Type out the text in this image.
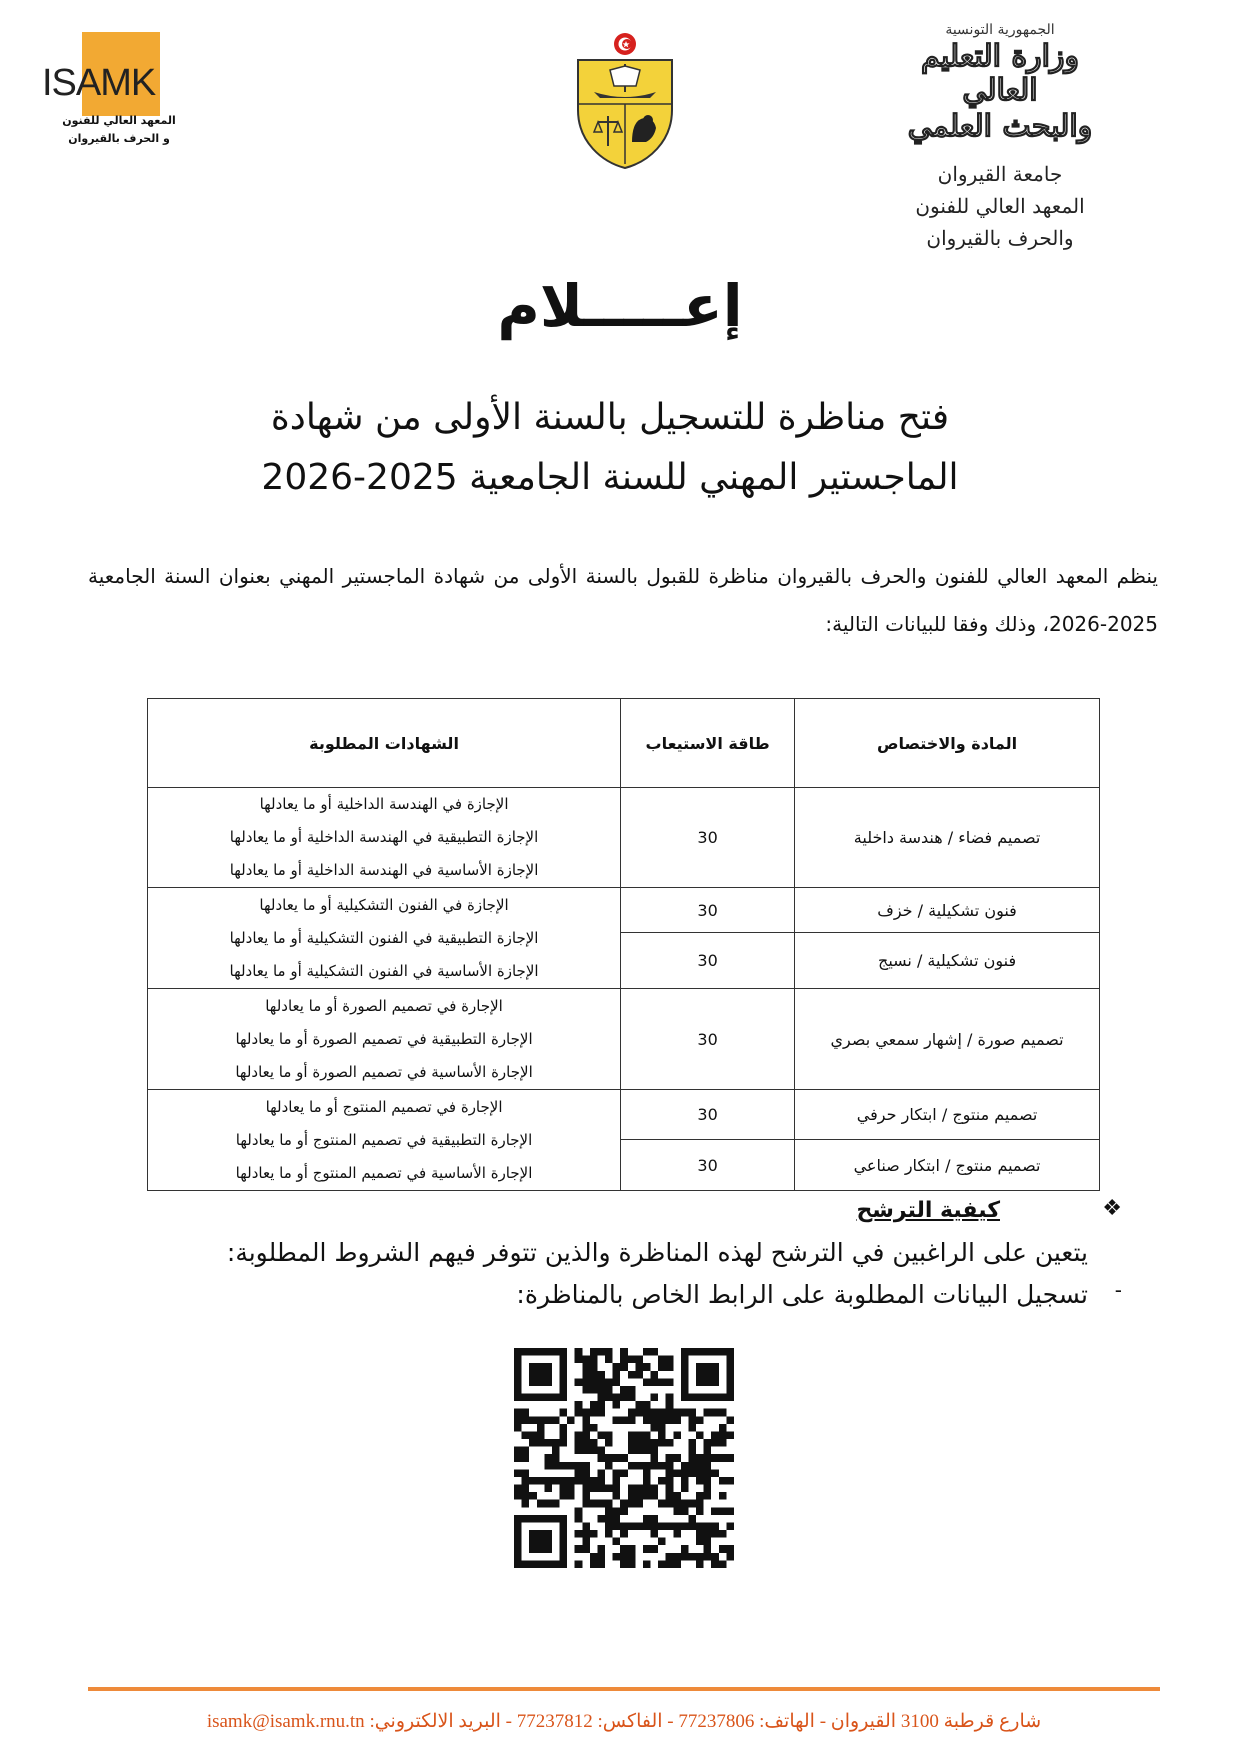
ISAMK
المعهد العالي للفنون
و الحرف بالقيروان
الجمهورية التونسية
وزارة التعليم العالي
والبحث العلمي
جامعة القيروان
المعهد العالي للفنون
والحرف بالقيروان
إعـــــلام
فتح مناظرة للتسجيل بالسنة الأولى من شهادة
الماجستير المهني للسنة الجامعية 2025-2026
ينظم المعهد العالي للفنون والحرف بالقيروان مناظرة للقبول بالسنة الأولى من شهادة الماجستير المهني بعنوان السنة الجامعية 2025-2026، وذلك وفقا للبيانات التالية:
المادة والاختصاص	طاقة الاستيعاب	الشهادات المطلوبة
تصميم فضاء / هندسة داخلية	30	الإجازة في الهندسة الداخلية أو ما يعادلها
الإجازة التطبيقية في الهندسة الداخلية أو ما يعادلها
الإجازة الأساسية في الهندسة الداخلية أو ما يعادلها

فنون تشكيلية / خزف	30	الإجازة في الفنون التشكيلية أو ما يعادلها
الإجازة التطبيقية في الفنون التشكيلية أو ما يعادلها
الإجازة الأساسية في الفنون التشكيلية أو ما يعادلها

فنون تشكيلية / نسيج	30	
تصميم صورة / إشهار سمعي بصري	30	الإجارة في تصميم الصورة أو ما يعادلها
الإجارة التطبيقية في تصميم الصورة أو ما يعادلها
الإجارة الأساسية في تصميم الصورة أو ما يعادلها

تصميم منتوج / ابتكار حرفي	30	الإجارة في تصميم المنتوج أو ما يعادلها
الإجارة التطبيقية في تصميم المنتوج أو ما يعادلها
الإجارة الأساسية في تصميم المنتوج أو ما يعادلها

تصميم منتوج / ابتكار صناعي	30	
❖
كيفية الترشح
يتعين على الراغبين في الترشح لهذه المناظرة والذين تتوفر فيهم الشروط المطلوبة:
تسجيل البيانات المطلوبة على الرابط الخاص بالمناظرة: -
شارع قرطبة 3100 القيروان - الهاتف: 77237806 - الفاكس: 77237812 - البريد الالكتروني: isamk@isamk.rnu.tn
